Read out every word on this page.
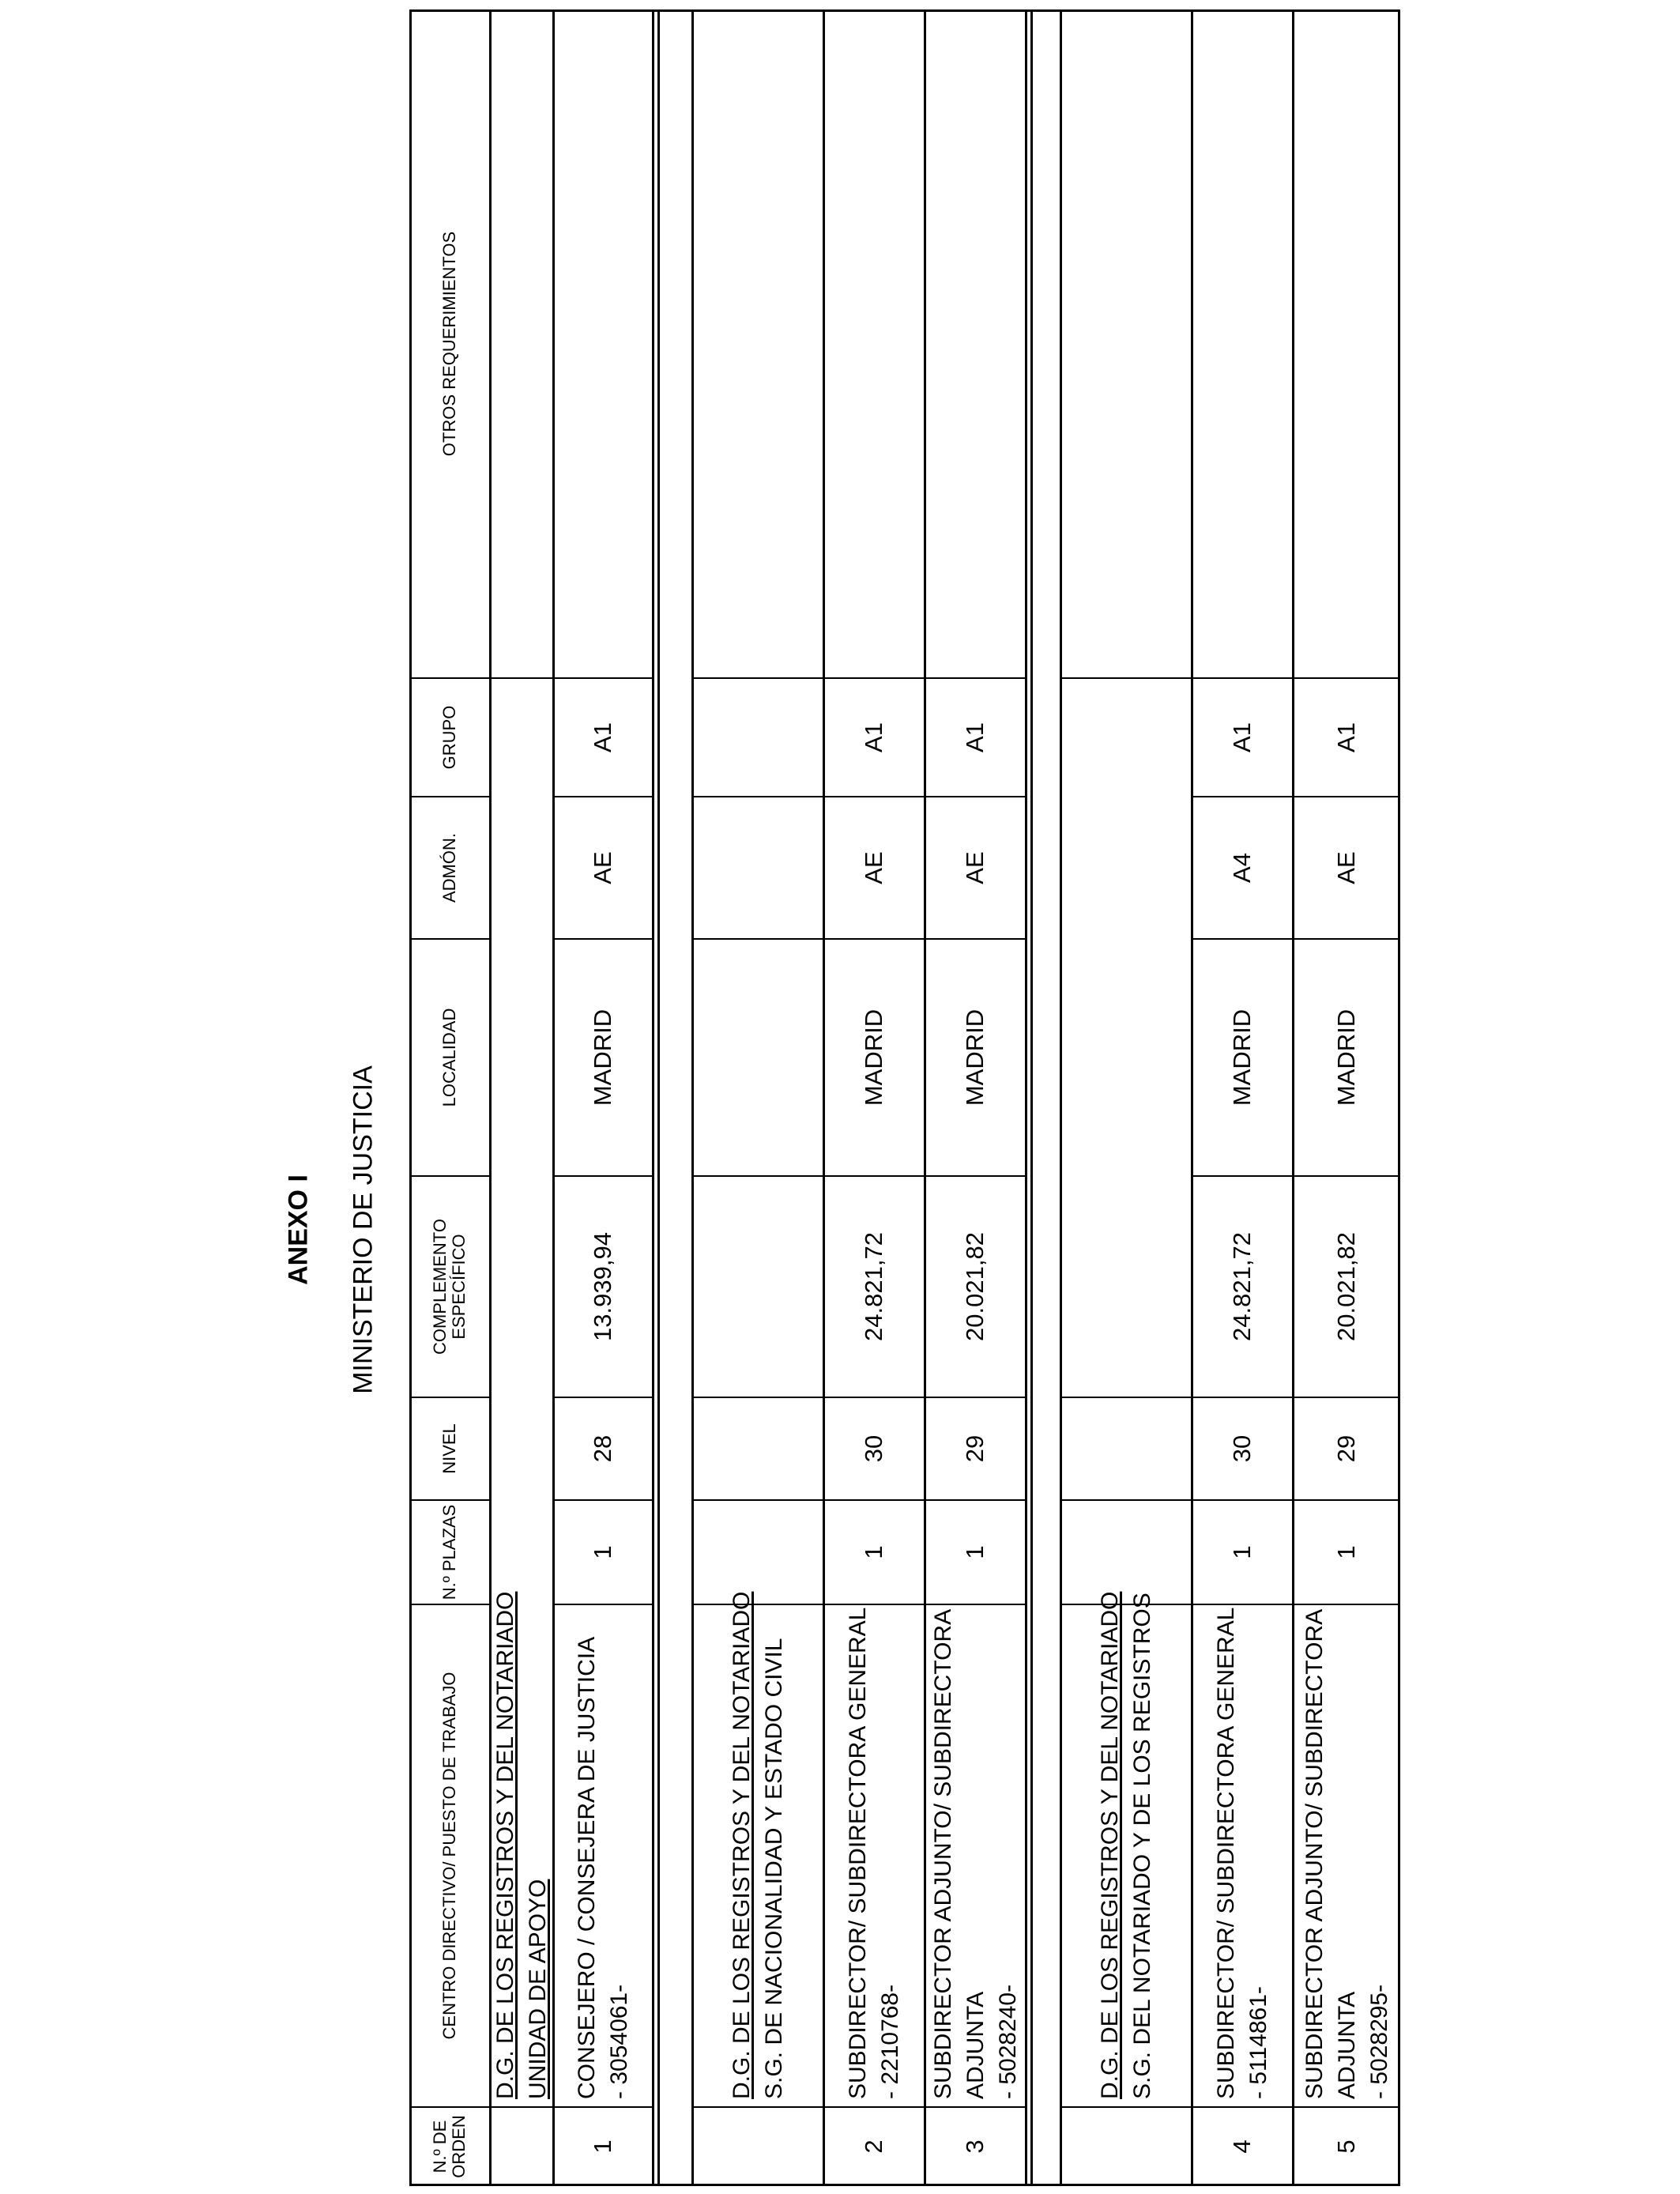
ANEXO I MINISTERIO DE JUSTICIA
OTROS REQUERIMIENTOS
GRUPO
ADMÓN.
LOCALIDAD
COMPLEMENTO ESPECÍFICO
NIVEL
N.º PLAZAS
CENTRO DIRECTIVO/ PUESTO DE TRABAJO
N.º DE ORDEN
D.G. DE LOS REGISTROS Y DEL NOTARIADO UNIDAD DE APOYO	D.G. DE LOS REGISTROS Y DEL NOTARIADO S.G. DE NACIONALIDAD Y ESTADO CIVIL	D.G. DE LOS REGISTROS Y DEL NOTARIADO S.G. DEL NOTARIADO Y DE LOS REGISTROS
A1
AE
MADRID
13.939,94
28
1
CONSEJERO / CONSEJERA DE JUSTICIA - 3054061-
1
A1
AE
MADRID
24.821,72
30
1
SUBDIRECTOR/ SUBDIRECTORA GENERAL - 2210768-
2
A1
AE
MADRID
20.021,82
29
1
SUBDIRECTOR ADJUNTO/ SUBDIRECTORA ADJUNTA - 5028240-
3
A1
A4
MADRID
24.821,72
30
1
SUBDIRECTOR/ SUBDIRECTORA GENERAL - 5114861-
4
A1
AE
MADRID
20.021,82
29
1
SUBDIRECTOR ADJUNTO/ SUBDIRECTORA ADJUNTA - 5028295-
5
